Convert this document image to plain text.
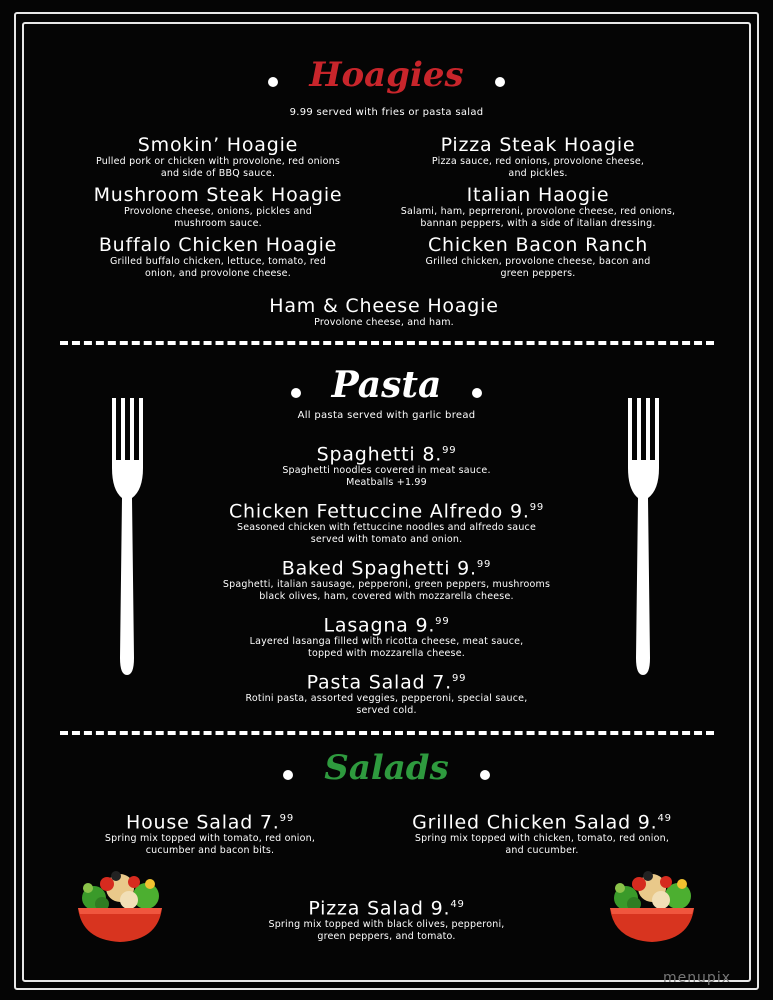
Hoagies
9.99 served with fries or pasta salad
Smokin’ Hoagie
Pulled pork or chicken with provolone, red onions
and side of BBQ sauce.
Pizza Steak Hoagie
Pizza sauce, red onions, provolone cheese,
and pickles.
Mushroom Steak Hoagie
Provolone cheese, onions, pickles and
mushroom sauce.
Italian Haogie
Salami, ham, peprreroni, provolone cheese, red onions,
bannan peppers, with a side of italian dressing.
Buffalo Chicken Hoagie
Grilled buffalo chicken, lettuce, tomato, red
onion, and provolone cheese.
Chicken Bacon Ranch
Grilled chicken, provolone cheese, bacon and
green peppers.
Ham & Cheese Hoagie
Provolone cheese, and ham.
Pasta
All pasta served with garlic bread
Spaghetti 8.99
Spaghetti noodles covered in meat sauce.
Meatballs +1.99
Chicken Fettuccine Alfredo 9.99
Seasoned chicken with fettuccine noodles and alfredo sauce
served with tomato and onion.
Baked Spaghetti 9.99
Spaghetti, italian sausage, pepperoni, green peppers, mushrooms
black olives, ham, covered with mozzarella cheese.
Lasagna 9.99
Layered lasanga filled with ricotta cheese, meat sauce,
topped with mozzarella cheese.
Pasta Salad 7.99
Rotini pasta, assorted veggies, pepperoni, special sauce,
served cold.
Salads
House Salad 7.99
Spring mix topped with tomato, red onion,
cucumber and bacon bits.
Grilled Chicken Salad 9.49
Spring mix topped with chicken, tomato, red onion,
and cucumber.
Pizza Salad 9.49
Spring mix topped with black olives, pepperoni,
green peppers, and tomato.
menupix
